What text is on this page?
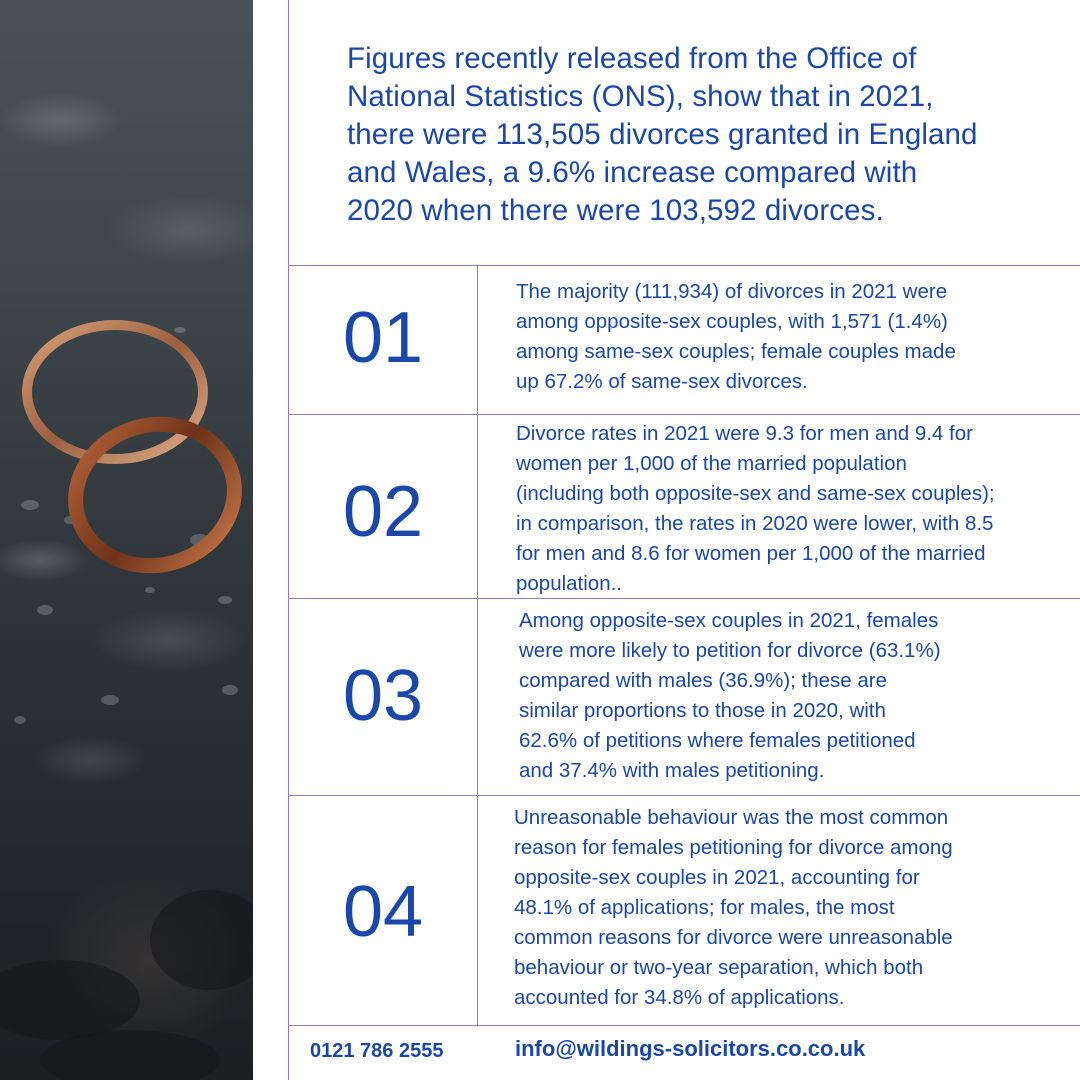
Figures recently released from the Office of
National Statistics (ONS), show that in 2021,
there were 113,505 divorces granted in England
and Wales, a 9.6% increase compared with
2020 when there were 103,592 divorces.
01
The majority (111,934) of divorces in 2021 were
among opposite-sex couples, with 1,571 (1.4%)
among same-sex couples; female couples made
up 67.2% of same-sex divorces.
02
Divorce rates in 2021 were 9.3 for men and 9.4 for
women per 1,000 of the married population
(including both opposite-sex and same-sex couples);
in comparison, the rates in 2020 were lower, with 8.5
for men and 8.6 for women per 1,000 of the married
population..
03
Among opposite-sex couples in 2021, females
were more likely to petition for divorce (63.1%)
compared with males (36.9%); these are
similar proportions to those in 2020, with
62.6% of petitions where females petitioned
and 37.4% with males petitioning.
04
Unreasonable behaviour was the most common
reason for females petitioning for divorce among
opposite-sex couples in 2021, accounting for
48.1% of applications; for males, the most
common reasons for divorce were unreasonable
behaviour or two-year separation, which both
accounted for 34.8% of applications.
0121 786 2555	info@wildings-solicitors.co.co.uk
